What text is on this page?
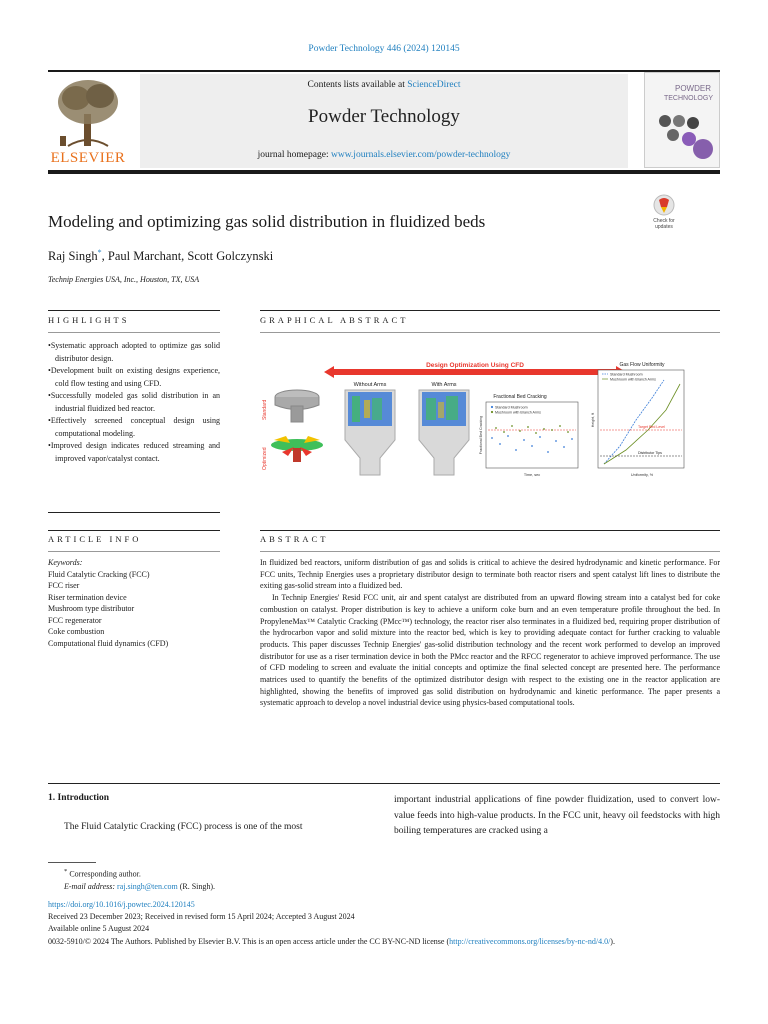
Powder Technology 446 (2024) 120145
ELSEVIER
Contents lists available at ScienceDirect
Powder Technology
journal homepage: www.journals.elsevier.com/powder-technology
POWDER
TECHNOLOGY
Modeling and optimizing gas solid distribution in fluidized beds	Check for
updates
Raj Singh*, Paul Marchant, Scott Golczynski
Technip Energies USA, Inc., Houston, TX, USA
HIGHLIGHTS	GRAPHICAL ABSTRACT
• Systematic approach adopted to optimize gas solid distributor design.
• Development built on existing designs experience, cold flow testing and using CFD.
• Successfully modeled gas solid distribution in an industrial fluidized bed reactor.
• Effectively screened conceptual design using computational modeling.
• Improved design indicates reduced streaming and improved vapor/catalyst contact.
Design Optimization Using CFD
Standard
Optimized
Without Arms	With Arms
Fractional Bed Cracking
Standard Mushroom
Mushroom with Branch Arms
Time, sec
Fractional Bed Cracking
Gas Flow Uniformity
Standard Mushroom
Mushroom with Branch Arms
Target Bed Level
Distributor Tips
Uniformity, %
Height, ft
ARTICLE INFO	ABSTRACT
Keywords:
Fluid Catalytic Cracking (FCC)
FCC riser
Riser termination device
Mushroom type distributor
FCC regenerator
Coke combustion
Computational fluid dynamics (CFD)

In fluidized bed reactors, uniform distribution of gas and solids is critical to achieve the desired hydrodynamic and kinetic performance. For FCC units, Technip Energies uses a proprietary distributor design to terminate both reactor risers and spent catalyst lift lines to distribute the exiting gas-solid stream into a fluidized bed.

In Technip Energies' Resid FCC unit, air and spent catalyst are distributed from an upward flowing stream into a catalyst bed for coke combustion on catalyst. Proper distribution is key to achieve a uniform coke burn and an even temperature profile throughout the bed. In PropyleneMax™ Catalytic Cracking (PMcc™) technology, the reactor riser also terminates in a fluidized bed, requiring proper distribution of the hydrocarbon vapor and solid mixture into the reactor bed, which is key to providing adequate contact for further cracking to valuable products. This paper discusses Technip Energies' gas-solid distribution technology and the recent work performed to develop an improved distributor for use as a riser termination device in both the PMcc reactor and the RFCC regenerator to achieve improved performance. The use of CFD modeling to screen and evaluate the initial concepts and optimize the final selected concept are presented here. The performance matrices used to quantify the benefits of the optimized distributor design with respect to the existing one in the reactor application are highlighted, showing the benefits of improved gas solid distribution on hydrodynamic and kinetic performance. The paper presents a systematic approach to develop a novel industrial device using physics-based computational tools.

1. Introduction
The Fluid Catalytic Cracking (FCC) process is one of the most
important industrial applications of fine powder fluidization, used to convert low-value feeds into high-value products. In the FCC unit, heavy oil feedstocks with high boiling temperatures are cracked using a
* Corresponding author.
E-mail address: raj.singh@ten.com (R. Singh).
https://doi.org/10.1016/j.powtec.2024.120145
Received 23 December 2023; Received in revised form 15 April 2024; Accepted 3 August 2024
Available online 5 August 2024
0032-5910/© 2024 The Authors. Published by Elsevier B.V. This is an open access article under the CC BY-NC-ND license (http://creativecommons.org/licenses/by-nc-nd/4.0/).
